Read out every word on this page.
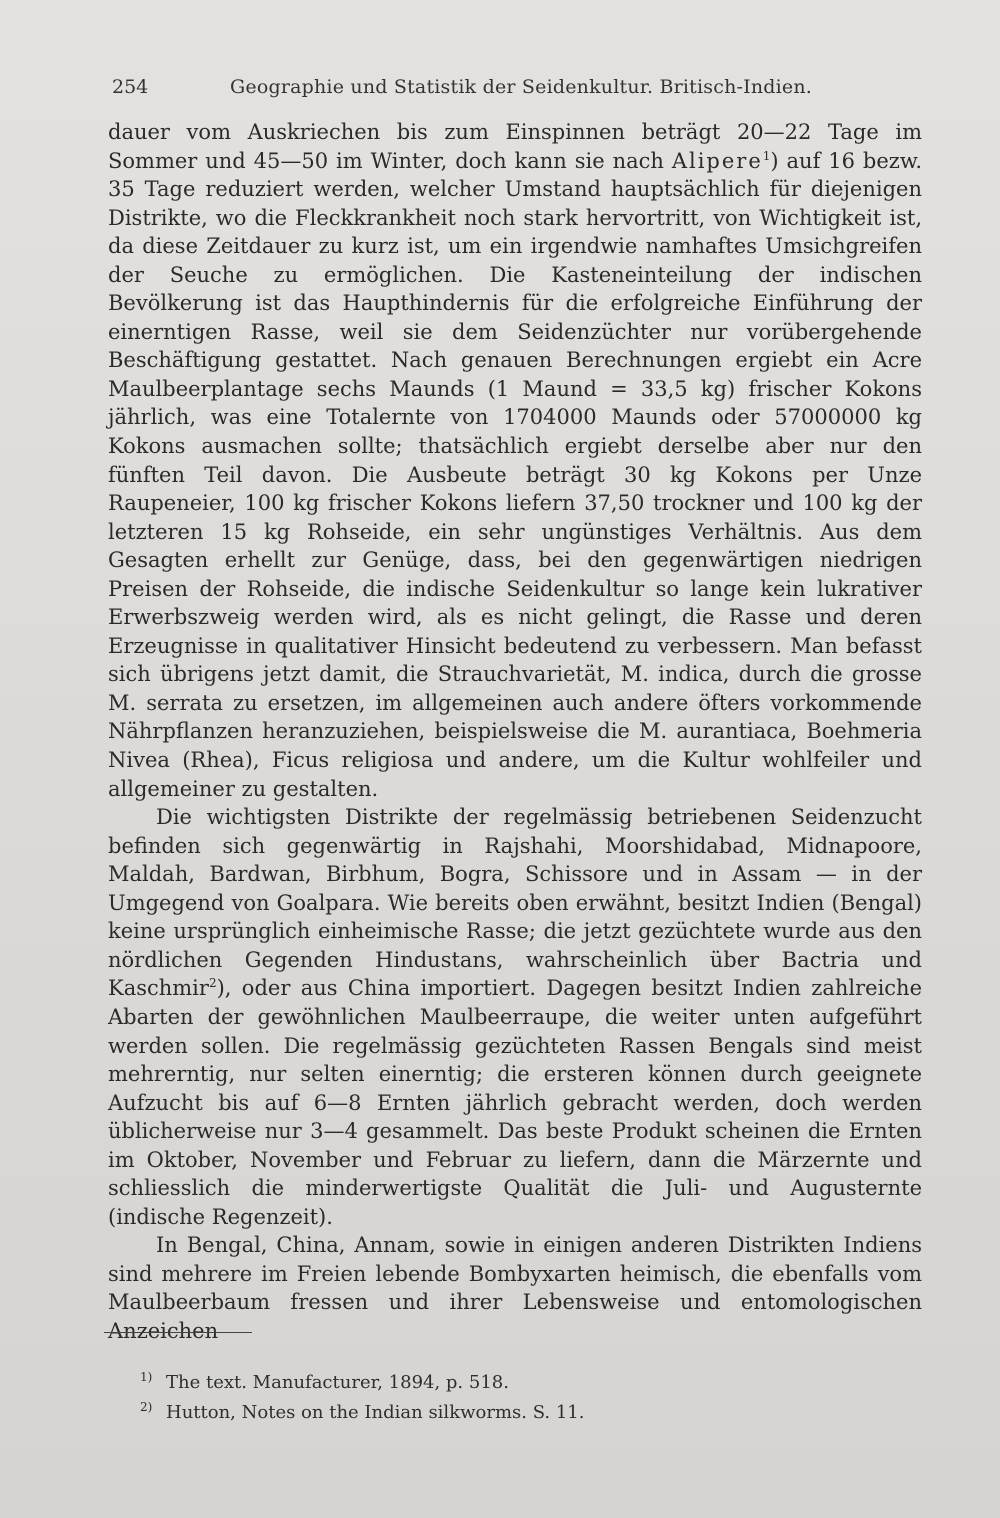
254	Geographie und Statistik der Seidenkultur. Britisch-Indien.

dauer vom Auskriechen bis zum Einspinnen beträgt 20—22 Tage im Sommer und 45—50 im Winter, doch kann sie nach Alipere$^1$) auf 16 bezw. 35 Tage reduziert werden, welcher Umstand hauptsächlich für diejenigen Distrikte, wo die Fleckkrankheit noch stark hervortritt, von Wichtigkeit ist, da diese Zeitdauer zu kurz ist, um ein irgendwie namhaftes Umsichgreifen der Seuche zu ermöglichen. Die Kasteneinteilung der indischen Bevölkerung ist das Haupthindernis für die erfolgreiche Einführung der einerntigen Rasse, weil sie dem Seidenzüchter nur vorübergehende Beschäftigung gestattet. Nach genauen Berechnungen ergiebt ein Acre Maulbeerplantage sechs Maunds (1 Maund = 33,5 kg) frischer Kokons jährlich, was eine Totalernte von 1704000 Maunds oder 57000000 kg Kokons ausmachen sollte; thatsächlich ergiebt derselbe aber nur den fünften Teil davon. Die Ausbeute beträgt 30 kg Kokons per Unze Raupeneier, 100 kg frischer Kokons liefern 37,50 trockner und 100 kg der letzteren 15 kg Rohseide, ein sehr ungünstiges Verhältnis. Aus dem Gesagten erhellt zur Genüge, dass, bei den gegenwärtigen niedrigen Preisen der Rohseide, die indische Seidenkultur so lange kein lukrativer Erwerbszweig werden wird, als es nicht gelingt, die Rasse und deren Erzeugnisse in qualitativer Hinsicht bedeutend zu verbessern. Man befasst sich übrigens jetzt damit, die Strauchvarietät, M. indica, durch die grosse M. serrata zu ersetzen, im allgemeinen auch andere öfters vorkommende Nährpflanzen heranzuziehen, beispielsweise die M. aurantiaca, Boehmeria Nivea (Rhea), Ficus religiosa und andere, um die Kultur wohlfeiler und allgemeiner zu gestalten.

Die wichtigsten Distrikte der regelmässig betriebenen Seidenzucht befinden sich gegenwärtig in Rajshahi, Moorshidabad, Midnapoore, Maldah, Bardwan, Birbhum, Bogra, Schissore und in Assam — in der Umgegend von Goalpara. Wie bereits oben erwähnt, besitzt Indien (Bengal) keine ursprünglich einheimische Rasse; die jetzt gezüchtete wurde aus den nördlichen Gegenden Hindustans, wahrscheinlich über Bactria und Kaschmir$^2$), oder aus China importiert. Dagegen besitzt Indien zahlreiche Abarten der gewöhnlichen Maulbeerraupe, die weiter unten aufgeführt werden sollen. Die regelmässig gezüchteten Rassen Bengals sind meist mehrerntig, nur selten einerntig; die ersteren können durch geeignete Aufzucht bis auf 6—8 Ernten jährlich gebracht werden, doch werden üblicherweise nur 3—4 gesammelt. Das beste Produkt scheinen die Ernten im Oktober, November und Februar zu liefern, dann die Märzernte und schliesslich die minderwertigste Qualität die Juli- und Augusternte (indische Regenzeit).

In Bengal, China, Annam, sowie in einigen anderen Distrikten Indiens sind mehrere im Freien lebende Bombyxarten heimisch, die ebenfalls vom Maulbeerbaum fressen und ihrer Lebensweise und entomologischen Anzeichen

1) The text. Manufacturer, 1894, p. 518.
2) Hutton, Notes on the Indian silkworms. S. 11.
